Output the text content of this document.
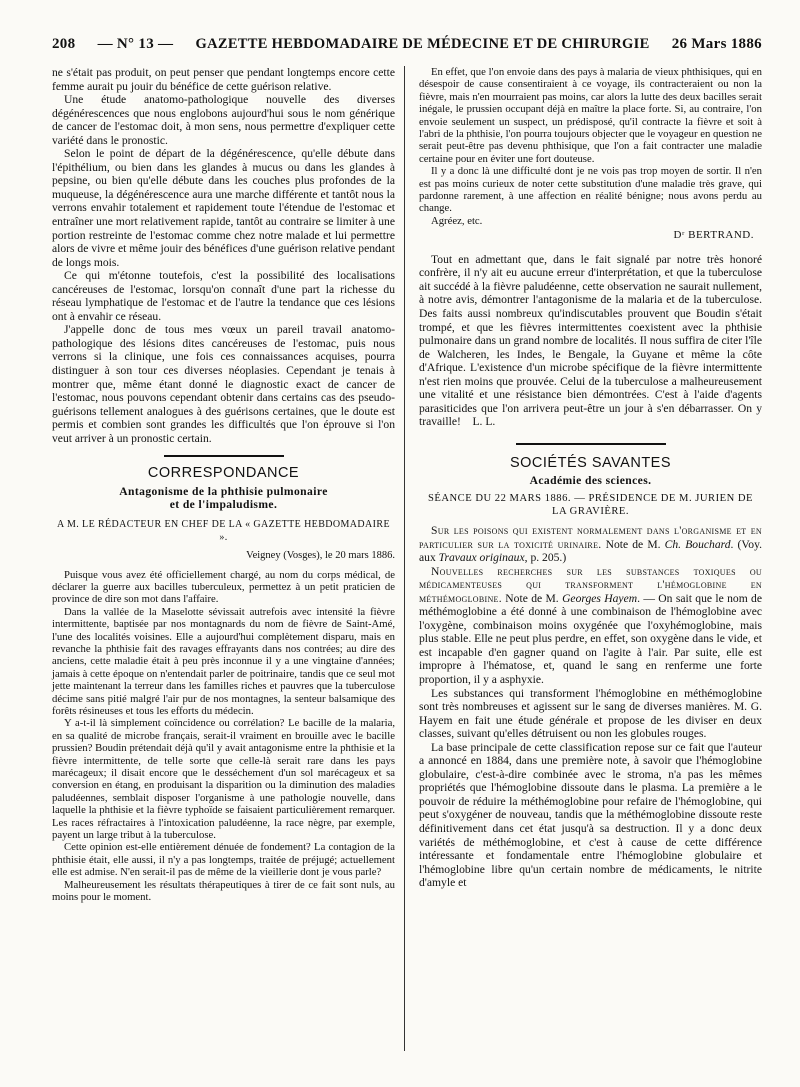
208 — N° 13 — GAZETTE HEBDOMADAIRE DE MÉDECINE ET DE CHIRURGIE 26 Mars 1886

ne s'était pas produit, on peut penser que pendant longtemps encore cette femme aurait pu jouir du bénéfice de cette guérison relative.

Une étude anatomo-pathologique nouvelle des diverses dégénérescences que nous englobons aujourd'hui sous le nom générique de cancer de l'estomac doit, à mon sens, nous permettre d'expliquer cette variété dans le pronostic.

Selon le point de départ de la dégénérescence, qu'elle débute dans l'épithélium, ou bien dans les glandes à mucus ou dans les glandes à pepsine, ou bien qu'elle débute dans les couches plus profondes de la muqueuse, la dégénérescence aura une marche différente et tantôt nous la verrons envahir totalement et rapidement toute l'étendue de l'estomac et entraîner une mort relativement rapide, tantôt au contraire se limiter à une portion restreinte de l'estomac comme chez notre malade et lui permettre alors de vivre et même jouir des bénéfices d'une guérison relative pendant de longs mois.

Ce qui m'étonne toutefois, c'est la possibilité des localisations cancéreuses de l'estomac, lorsqu'on connaît d'une part la richesse du réseau lymphatique de l'estomac et de l'autre la tendance que ces lésions ont à envahir ce réseau.

J'appelle donc de tous mes vœux un pareil travail anatomo-pathologique des lésions dites cancéreuses de l'estomac, puis nous verrons si la clinique, une fois ces connaissances acquises, pourra distinguer à son tour ces diverses néoplasies. Cependant je tenais à montrer que, même étant donné le diagnostic exact de cancer de l'estomac, nous pouvons cependant obtenir dans certains cas des pseudo-guérisons tellement analogues à des guérisons certaines, que le doute est permis et combien sont grandes les difficultés que l'on éprouve si l'on veut arriver à un pronostic certain.

CORRESPONDANCE
Antagonisme de la phthisie pulmonaire
et de l'impaludisme.
A M. LE RÉDACTEUR EN CHEF DE LA « GAZETTE HEBDOMADAIRE ».
Veigney (Vosges), le 20 mars 1886.

Puisque vous avez été officiellement chargé, au nom du corps médical, de déclarer la guerre aux bacilles tuberculeux, permettez à un petit praticien de province de dire son mot dans l'affaire.

Dans la vallée de la Maselotte sévissait autrefois avec intensité la fièvre intermittente, baptisée par nos montagnards du nom de fièvre de Saint-Amé, l'une des localités voisines. Elle a aujourd'hui complètement disparu, mais en revanche la phthisie fait des ravages effrayants dans nos contrées; au dire des anciens, cette maladie était à peu près inconnue il y a une vingtaine d'années; jamais à cette époque on n'entendait parler de poitrinaire, tandis que ce seul mot jette maintenant la terreur dans les familles riches et pauvres que la tuberculose décime sans pitié malgré l'air pur de nos montagnes, la senteur balsamique des forêts résineuses et tous les efforts du médecin.

Y a-t-il là simplement coïncidence ou corrélation? Le bacille de la malaria, en sa qualité de microbe français, serait-il vraiment en brouille avec le bacille prussien? Boudin prétendait déjà qu'il y avait antagonisme entre la phthisie et la fièvre intermittente, de telle sorte que celle-là serait rare dans les pays marécageux; il disait encore que le desséchement d'un sol marécageux et sa conversion en étang, en produisant la disparition ou la diminution des maladies paludéennes, semblait disposer l'organisme à une pathologie nouvelle, dans laquelle la phthisie et la fièvre typhoïde se faisaient particulièrement remarquer. Les races réfractaires à l'intoxication paludéenne, la race nègre, par exemple, payent un large tribut à la tuberculose.

Cette opinion est-elle entièrement dénuée de fondement? La contagion de la phthisie était, elle aussi, il n'y a pas longtemps, traitée de préjugé; actuellement elle est admise. N'en serait-il pas de même de la vieillerie dont je vous parle?

Malheureusement les résultats thérapeutiques à tirer de ce fait sont nuls, au moins pour le moment.

En effet, que l'on envoie dans des pays à malaria de vieux phthisiques, qui en désespoir de cause consentiraient à ce voyage, ils contracteraient ou non la fièvre, mais n'en mourraient pas moins, car alors la lutte des deux bacilles serait inégale, le prussien occupant déjà en maître la place forte. Si, au contraire, l'on envoie seulement un suspect, un prédisposé, qu'il contracte la fièvre et soit à l'abri de la phthisie, l'on pourra toujours objecter que le voyageur en question ne serait peut-être pas devenu phthisique, que l'on a fait contracter une maladie certaine pour en éviter une fort douteuse.

Il y a donc là une difficulté dont je ne vois pas trop moyen de sortir. Il n'en est pas moins curieux de noter cette substitution d'une maladie très grave, qui pardonne rarement, à une affection en réalité bénigne; nous avons perdu au change.

Agréez, etc.

Dʳ BERTRAND.

Tout en admettant que, dans le fait signalé par notre très honoré confrère, il n'y ait eu aucune erreur d'interprétation, et que la tuberculose ait succédé à la fièvre paludéenne, cette observation ne saurait nullement, à notre avis, démontrer l'antagonisme de la malaria et de la tuberculose. Des faits aussi nombreux qu'indiscutables prouvent que Boudin s'était trompé, et que les fièvres intermittentes coexistent avec la phthisie pulmonaire dans un grand nombre de localités. Il nous suffira de citer l'île de Walcheren, les Indes, le Bengale, la Guyane et même la côte d'Afrique. L'existence d'un microbe spécifique de la fièvre intermittente n'est rien moins que prouvée. Celui de la tuberculose a malheureusement une vitalité et une résistance bien démontrées. C'est à l'aide d'agents parasiticides que l'on arrivera peut-être un jour à s'en débarrasser. On y travaille! L. L.

SOCIÉTÉS SAVANTES
Académie des sciences.
SÉANCE DU 22 MARS 1886. — PRÉSIDENCE DE M. JURIEN DE LA GRAVIÈRE.

Sur les poisons qui existent normalement dans l'organisme et en particulier sur la toxicité urinaire. Note de M. Ch. Bouchard. (Voy. aux Travaux originaux, p. 205.)

Nouvelles recherches sur les substances toxiques ou médicamenteuses qui transforment l'hémoglobine en méthémoglobine. Note de M. Georges Hayem. — On sait que le nom de méthémoglobine a été donné à une combinaison de l'hémoglobine avec l'oxygène, combinaison moins oxygénée que l'oxyhémoglobine, mais plus stable. Elle ne peut plus perdre, en effet, son oxygène dans le vide, et est incapable d'en gagner quand on l'agite à l'air. Par suite, elle est impropre à l'hématose, et, quand le sang en renferme une forte proportion, il y a asphyxie.

Les substances qui transforment l'hémoglobine en méthémoglobine sont très nombreuses et agissent sur le sang de diverses manières. M. G. Hayem en fait une étude générale et propose de les diviser en deux classes, suivant qu'elles détruisent ou non les globules rouges.

La base principale de cette classification repose sur ce fait que l'auteur a annoncé en 1884, dans une première note, à savoir que l'hémoglobine globulaire, c'est-à-dire combinée avec le stroma, n'a pas les mêmes propriétés que l'hémoglobine dissoute dans le plasma. La première a le pouvoir de réduire la méthémoglobine pour refaire de l'hémoglobine, qui peut s'oxygéner de nouveau, tandis que la méthémoglobine dissoute reste définitivement dans cet état jusqu'à sa destruction. Il y a donc deux variétés de méthémoglobine, et c'est à cause de cette différence intéressante et fondamentale entre l'hémoglobine globulaire et l'hémoglobine libre qu'un certain nombre de médicaments, le nitrite d'amyle et
